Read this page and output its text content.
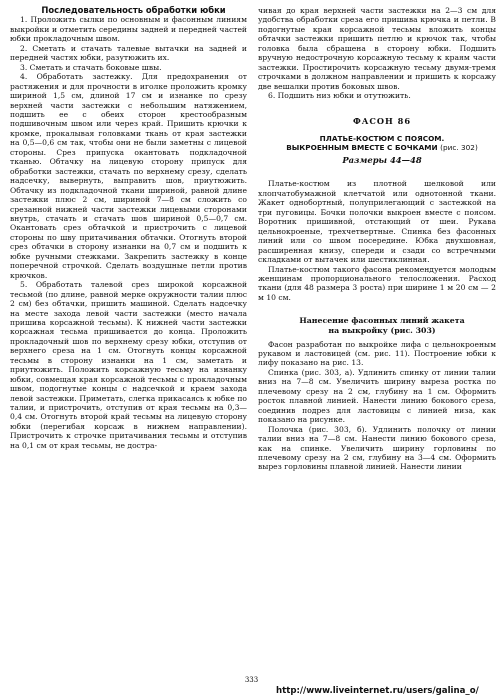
Последовательность обработки юбки

1. Проложить сылки по основным и фасонным линиям выкройки и отметить середины задней и передней частей юбки прокладочным швом.

2. Сметать и стачать талевые вытачки на задней и передней частях юбки, разутюжить их.

3. Сметать и стачать боковые швы.

4. Обработать застежку. Для предохранения от растяжения и для прочности в иголке проложить кромку шириной 1,5 см, длиной 17 см и изнанке по срезу верхней части застежки с небольшим натяжением, подшить ее с обеих сторон крестообразным подшивочным швом или через край. Пришить крючки к кромке, прокалывая головками ткань от края застежки на 0,5—0,6 см так, чтобы они не были заметны с лицевой стороны. Срез припуска окантовать подкладочной тканью. Обтачку на лицевую сторону припуск для обработки застежки, стачать по верхнему срезу, сделать надсечку, вывернуть, выправить шов, приутюжить. Обтачку из подкладочной ткани шириной, равной длине застежки плюс 2 см, шириной 7—8 см сложить со срезанной нижней части застежки лицевыми сторонами внутрь, стачать и стачать шов шириной 0,5—0,7 см. Окантовать срез обтачкой и пристрочить с лицевой стороны по шву притачивания обтачки. Отогнуть второй срез обтачки в сторону изнанки на 0,7 см и подшить к юбке ручными стежками. Закрепить застежку в конце поперечной строчкой. Сделать воздушные петли против крючков.

5. Обработать талевой срез широкой корсажной тесьмой (по длине, равной мерке окружности талии плюс 2 см) без обтачки, пришить машиной. Сделать надсечку на месте захода левой части застежки (место начала пришива корсажной тесьмы). К нижней части застежки корсажная тесьма пришивается до конца. Проложить прокладочный шов по верхнему срезу юбки, отступив от верхнего среза на 1 см. Отогнуть концы корсажной тесьмы в сторону изнанки на 1 см, заметать и приутюжить. Положить корсажную тесьму на изнанку юбки, совмещая края корсажной тесьмы с прокладочным швом, подогнутые концы с надсечкой и краем захода левой застежки. Приметать, слегка прикасаясь к юбке по талии, и пристрочить, отступив от края тесьмы на 0,3—0,4 см. Отогнуть второй край тесьмы на лицевую сторону юбки (перегибая корсаж в нижнем направлении). Пристрочить к строчке притачивания тесьмы и отступив на 0,1 см от края тесьмы, не достра-

чивая до края верхней части застежки на 2—3 см для удобства обработки среза его пришива крючка и петли. В подогнутые края корсажной тесьмы вложить концы обтачки застежки пришить петлю и крючок так, чтобы головка была сбрашена в сторону юбки. Подшить вручную недострочную корсажную тесьму к краям части застежки. Простирочить корсажную тесьму двумя-тремя строчками в должном направлении и пришить к корсажу две вешалки против боковых швов.

6. Подшить низ юбки и отутюжить.

ФАСОН 86

ПЛАТЬЕ-КОСТЮМ С ПОЯСОМ.

ВЫКРОЕННЫМ ВМЕСТЕ С БОЧКАМИ (рис. 302)

Размеры 44—48

Платье-костюм из плотной шелковой или хлопчатобумажной клетчатой или однотонной ткани. Жакет однобортный, полуприлегающий с застежкой на три пуговицы. Бочки полочки выкроен вместе с поясом. Воротник пришивной, отстающий от шеи. Рукава цельнокроеные, трехчетвертные. Спинка без фасонных линий или со швом посередине. Юбка двухшовная, расширенная книзу, спереди и сзади со встречными складками от вытачек или шестиклинная.

Платье-костюм такого фасона рекомендуется молодым женщинам пропорционального телосложения. Расход ткани (для 48 размера 3 роста) при ширине 1 м 20 см — 2 м 10 см.

Нанесение фасонных линий жакета

на выкройку (рис. 303)

Фасон разработан по выкройке лифа с цельнокроеным рукавом и ластовицей (см. рис. 11). Построение юбки к лифу показано на рис. 13.

Спинка (рис. 303, а). Удлинить спинку от линии талии вниз на 7—8 см. Увеличить ширину выреза ростка по плечевому срезу на 2 см, глубину на 1 см. Оформить росток плавной линией. Нанести линию бокового среза, соединив подрез для ластовицы с линией низа, как показано на рисунке.

Полочка (рис. 303, б). Удлинить полочку от линии талии вниз на 7—8 см. Нанести линию бокового среза, как на спинке. Увеличить ширину горловины по плечевому срезу на 2 см, глубину на 3—4 см. Оформить вырез горловины плавной линией. Нанести линии

333
http://www.liveinternet.ru/users/galina_o/
